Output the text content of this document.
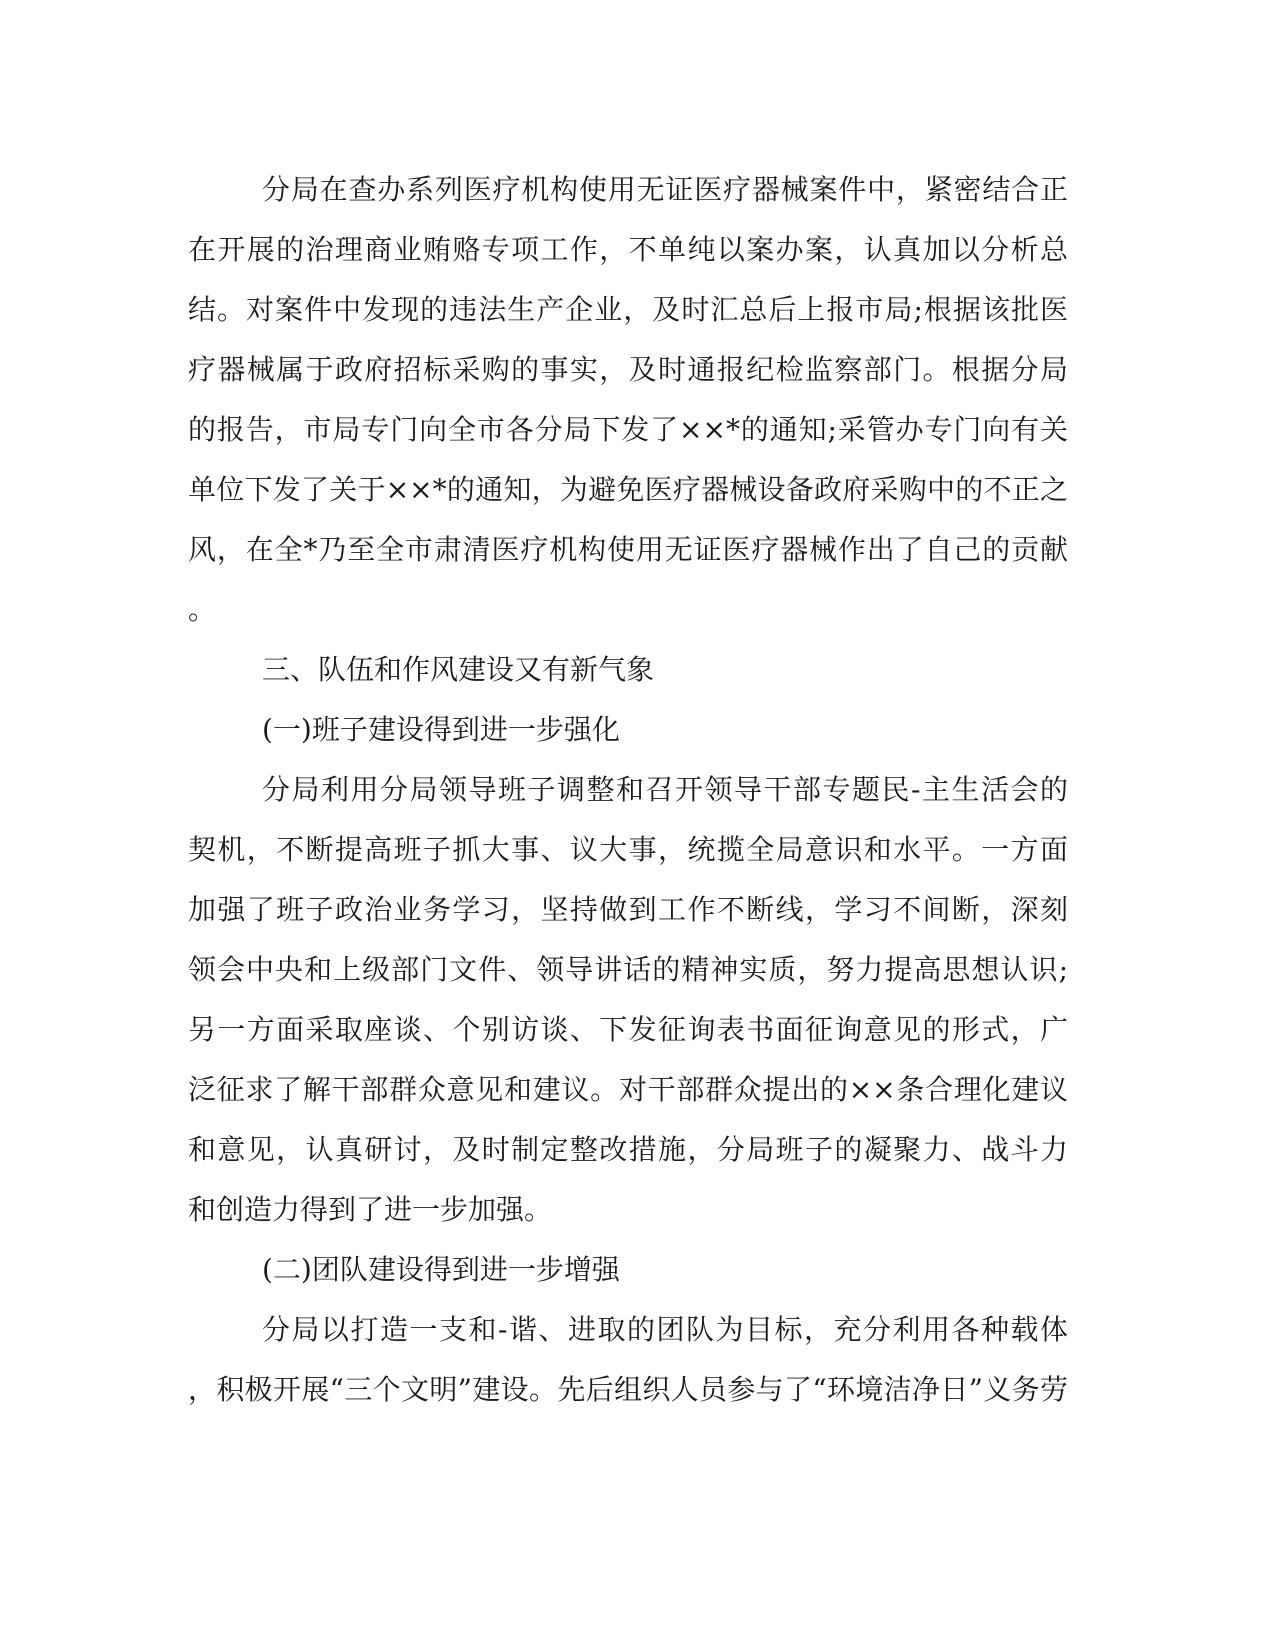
分局在查办系列医疗机构使用无证医疗器械案件中，紧密结合正
在开展的治理商业贿赂专项工作，不单纯以案办案，认真加以分析总
结。对案件中发现的违法生产企业，及时汇总后上报市局;根据该批医
疗器械属于政府招标采购的事实，及时通报纪检监察部门。根据分局
的报告，市局专门向全市各分局下发了××*的通知;采管办专门向有关
单位下发了关于××*的通知，为避免医疗器械设备政府采购中的不正之
风，在全*乃至全市肃清医疗机构使用无证医疗器械作出了自己的贡献
。
三、队伍和作风建设又有新气象
(一)班子建设得到进一步强化
分局利用分局领导班子调整和召开领导干部专题民-主生活会的
契机，不断提高班子抓大事、议大事，统揽全局意识和水平。一方面
加强了班子政治业务学习，坚持做到工作不断线，学习不间断，深刻
领会中央和上级部门文件、领导讲话的精神实质，努力提高思想认识;
另一方面采取座谈、个别访谈、下发征询表书面征询意见的形式，广
泛征求了解干部群众意见和建议。对干部群众提出的××条合理化建议
和意见，认真研讨，及时制定整改措施，分局班子的凝聚力、战斗力
和创造力得到了进一步加强。
(二)团队建设得到进一步增强
分局以打造一支和-谐、进取的团队为目标，充分利用各种载体
，积极开展“三个文明”建设。先后组织人员参与了“环境洁净日”义务劳
